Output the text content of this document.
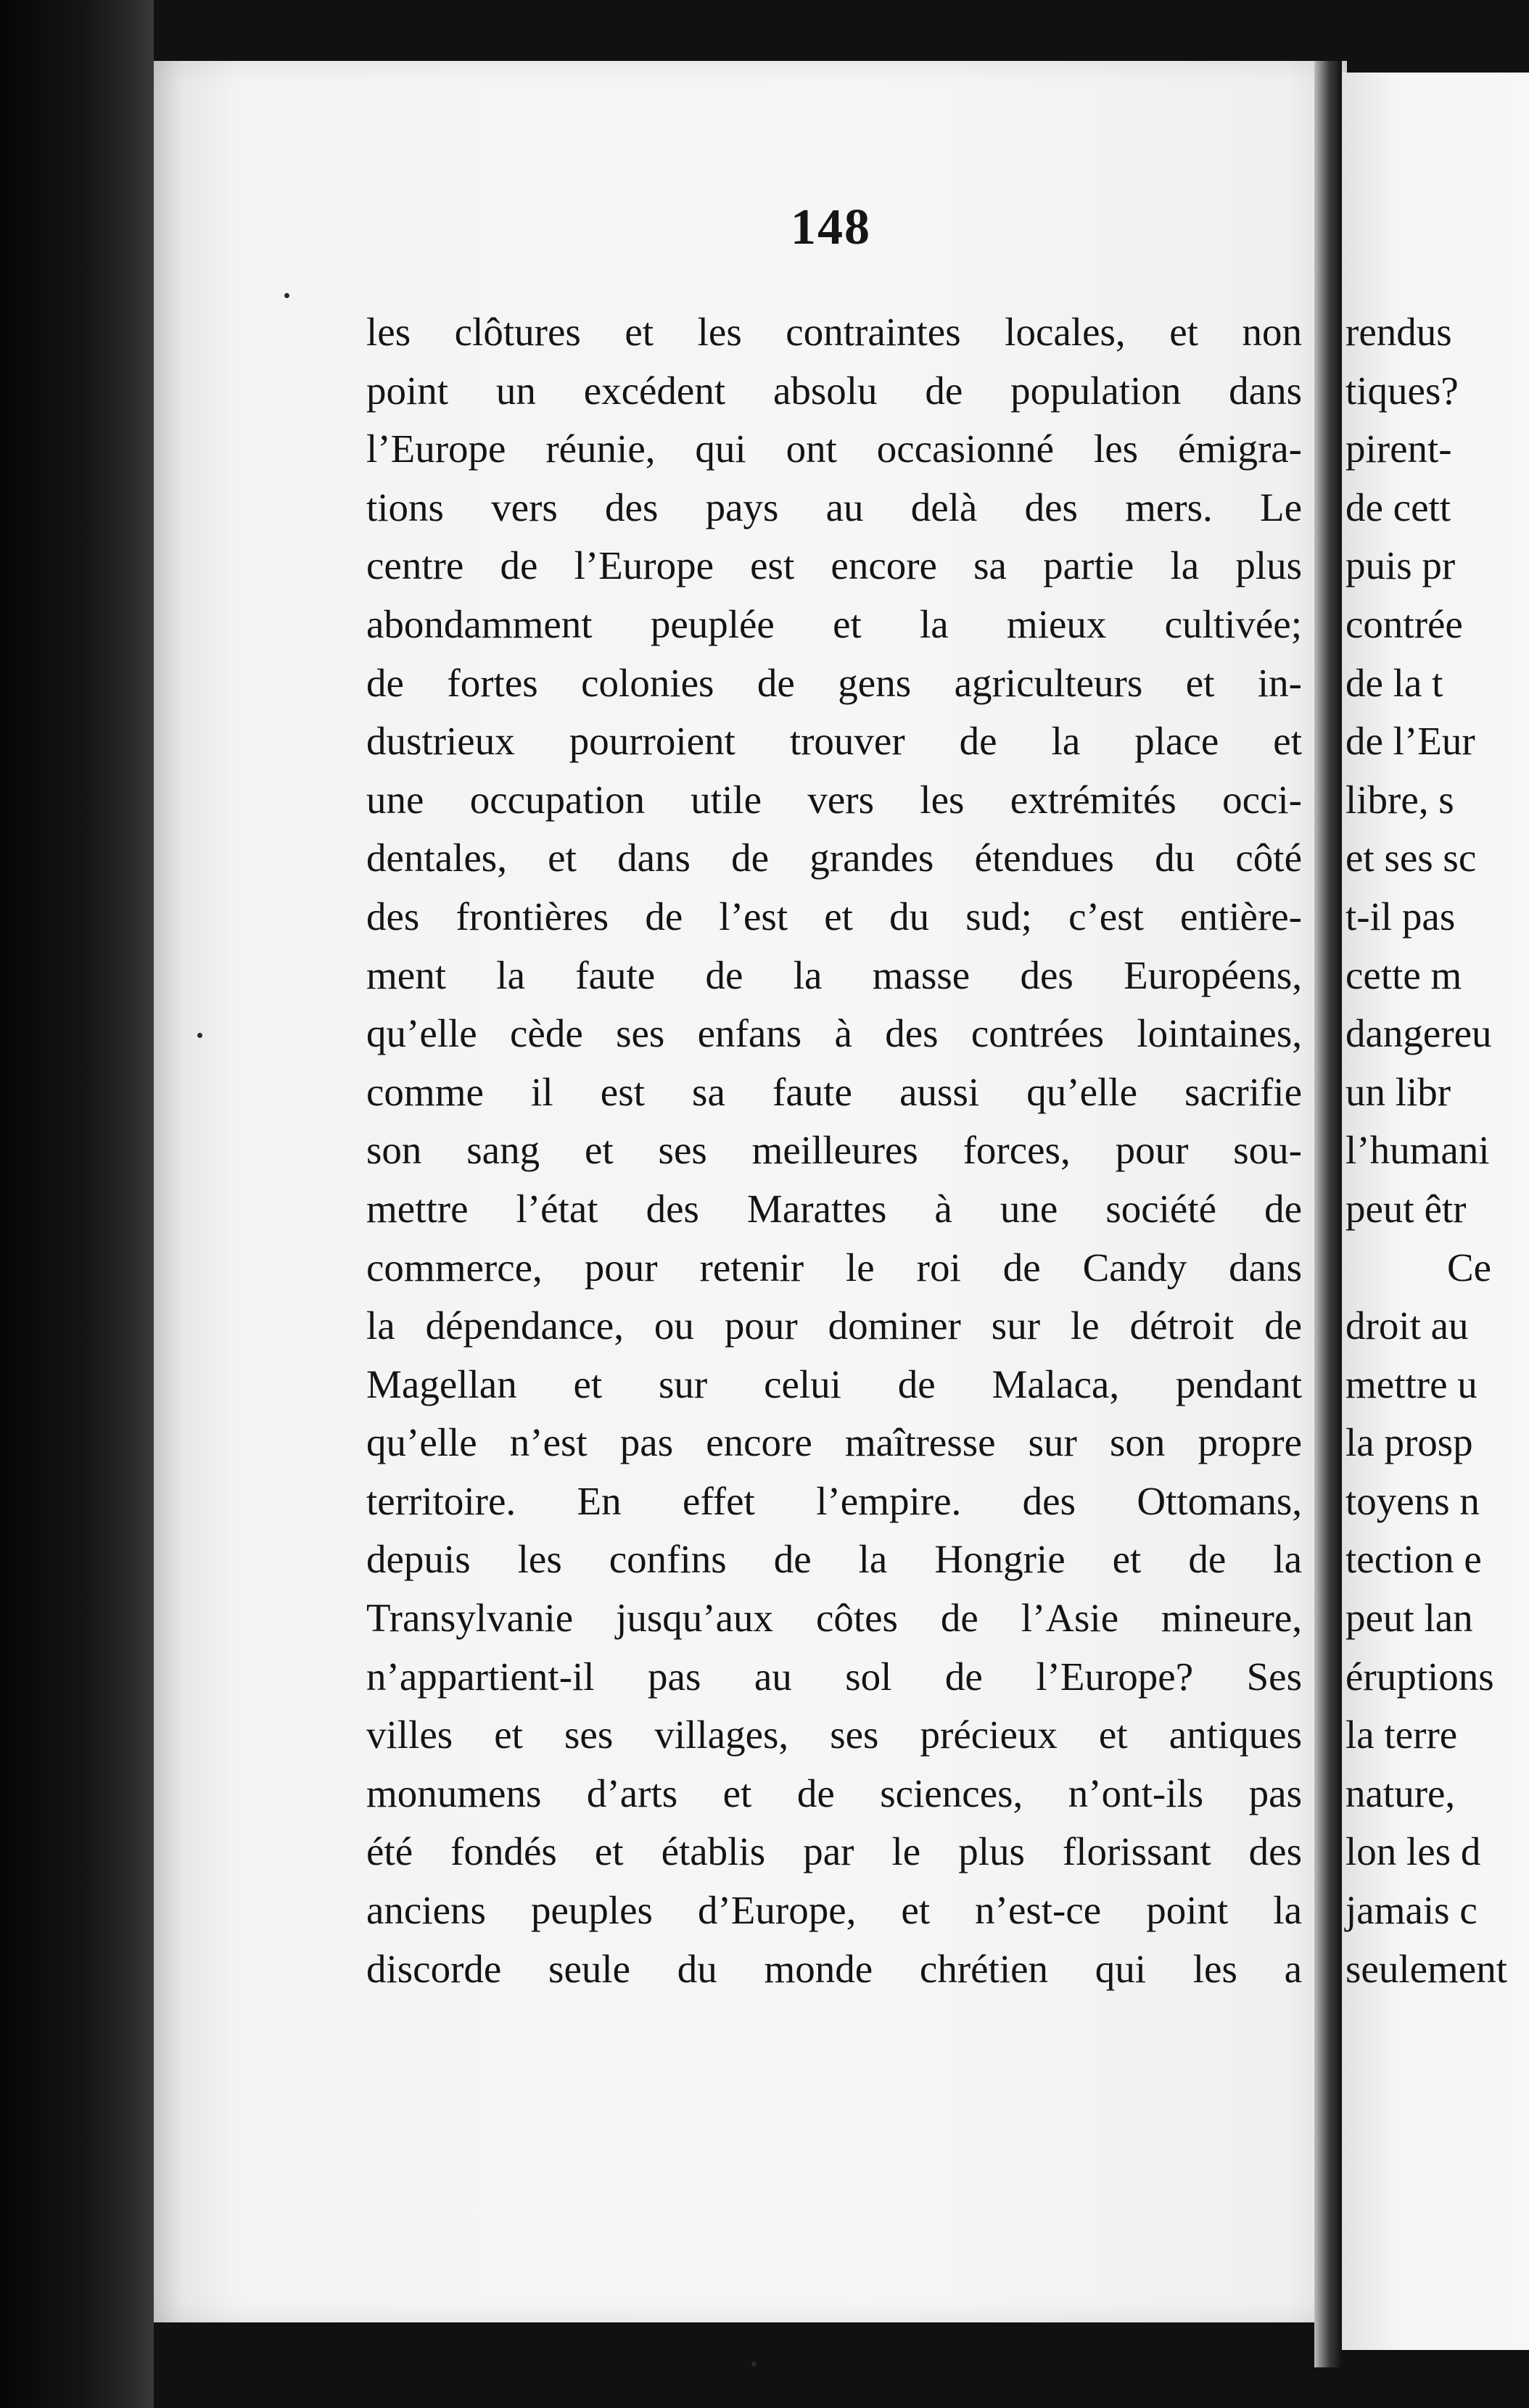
148
les clôtures et les contraintes locales, et non
point un excédent absolu de population dans
l’Europe réunie, qui ont occasionné les émigra-
tions vers des pays au delà des mers. Le
centre de l’Europe est encore sa partie la plus
abondamment peuplée et la mieux cultivée;
de fortes colonies de gens agriculteurs et in-
dustrieux pourroient trouver de la place et
une occupation utile vers les extrémités occi-
dentales, et dans de grandes étendues du côté
des frontières de l’est et du sud; c’est entière-
ment la faute de la masse des Européens,
qu’elle cède ses enfans à des contrées lointaines,
comme il est sa faute aussi qu’elle sacrifie
son sang et ses meilleures forces, pour sou-
mettre l’état des Marattes à une société de
commerce, pour retenir le roi de Candy dans
la dépendance, ou pour dominer sur le détroit de
Magellan et sur celui de Malaca, pendant
qu’elle n’est pas encore maîtresse sur son propre
territoire. En effet l’empire. des Ottomans,
depuis les confins de la Hongrie et de la
Transylvanie jusqu’aux côtes de l’Asie mineure,
n’appartient-il pas au sol de l’Europe? Ses
villes et ses villages, ses précieux et antiques
monumens d’arts et de sciences, n’ont-ils pas
été fondés et établis par le plus florissant des
anciens peuples d’Europe, et n’est-ce point la
discorde seule du monde chrétien qui les a
rendus
tiques?
pirent-
de cett
puis pr
contrée
de la t
de l’Eur
libre, s
et ses sc
t-il pas
cette m
dangereu
un libr
l’humani
peut êtr
Ce
droit au
mettre u
la prosp
toyens n
tection e
peut lan
éruptions
la terre
nature,
lon les d
jamais c
seulement
